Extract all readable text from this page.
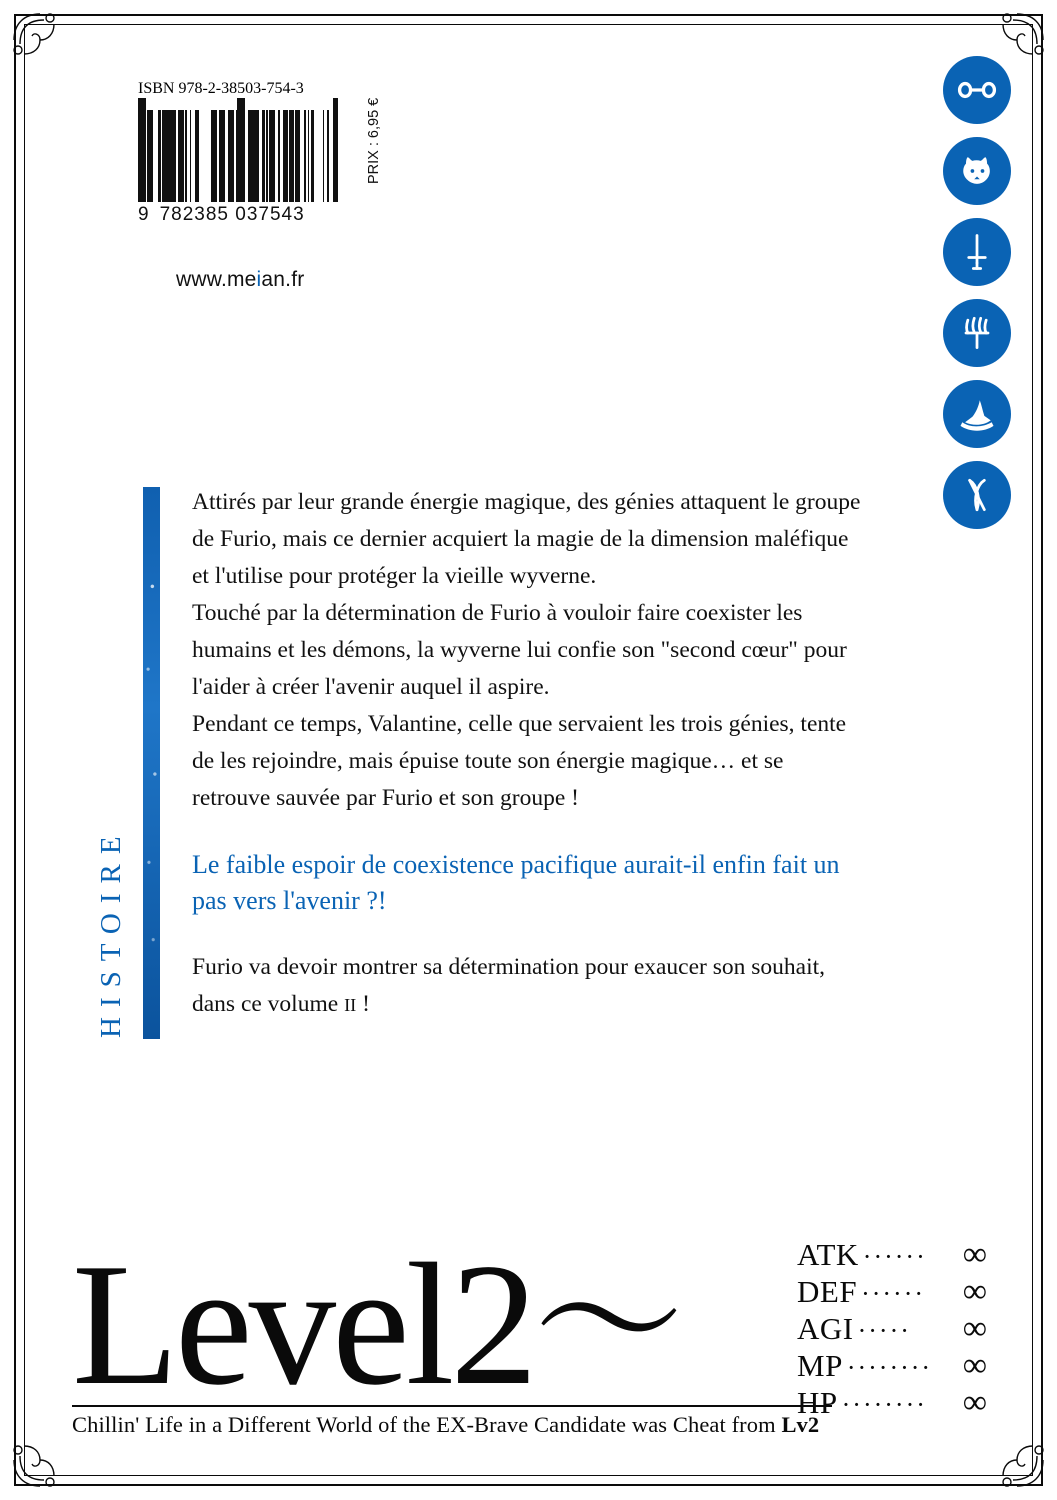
ISBN 978-2-38503-754-3
9 782385 037543
PRIX : 6,95 €
www.meian.fr
HISTOIRE

Attirés par leur grande énergie magique, des génies attaquent le groupe de Furio, mais ce dernier acquiert la magie de la dimension maléfique et l'utilise pour protéger la vieille wyverne.

Touché par la détermination de Furio à vouloir faire coexister les humains et les démons, la wyverne lui confie son "second cœur" pour l'aider à créer l'avenir auquel il aspire.

Pendant ce temps, Valantine, celle que servaient les trois génies, tente de les rejoindre, mais épuise toute son énergie magique… et se retrouve sauvée par Furio et son groupe !

Le faible espoir de coexistence pacifique aurait-il enfin fait un pas vers l'avenir ?!

Furio va devoir montrer sa détermination pour exaucer son souhait, dans ce volume II !

Level2〜
Chillin' Life in a Different World of the EX-Brave Candidate was Cheat from Lv2
ATK ······	∞
DEF ······	∞
AGI ·····	∞
MP ········ ∞
HP ········	∞
